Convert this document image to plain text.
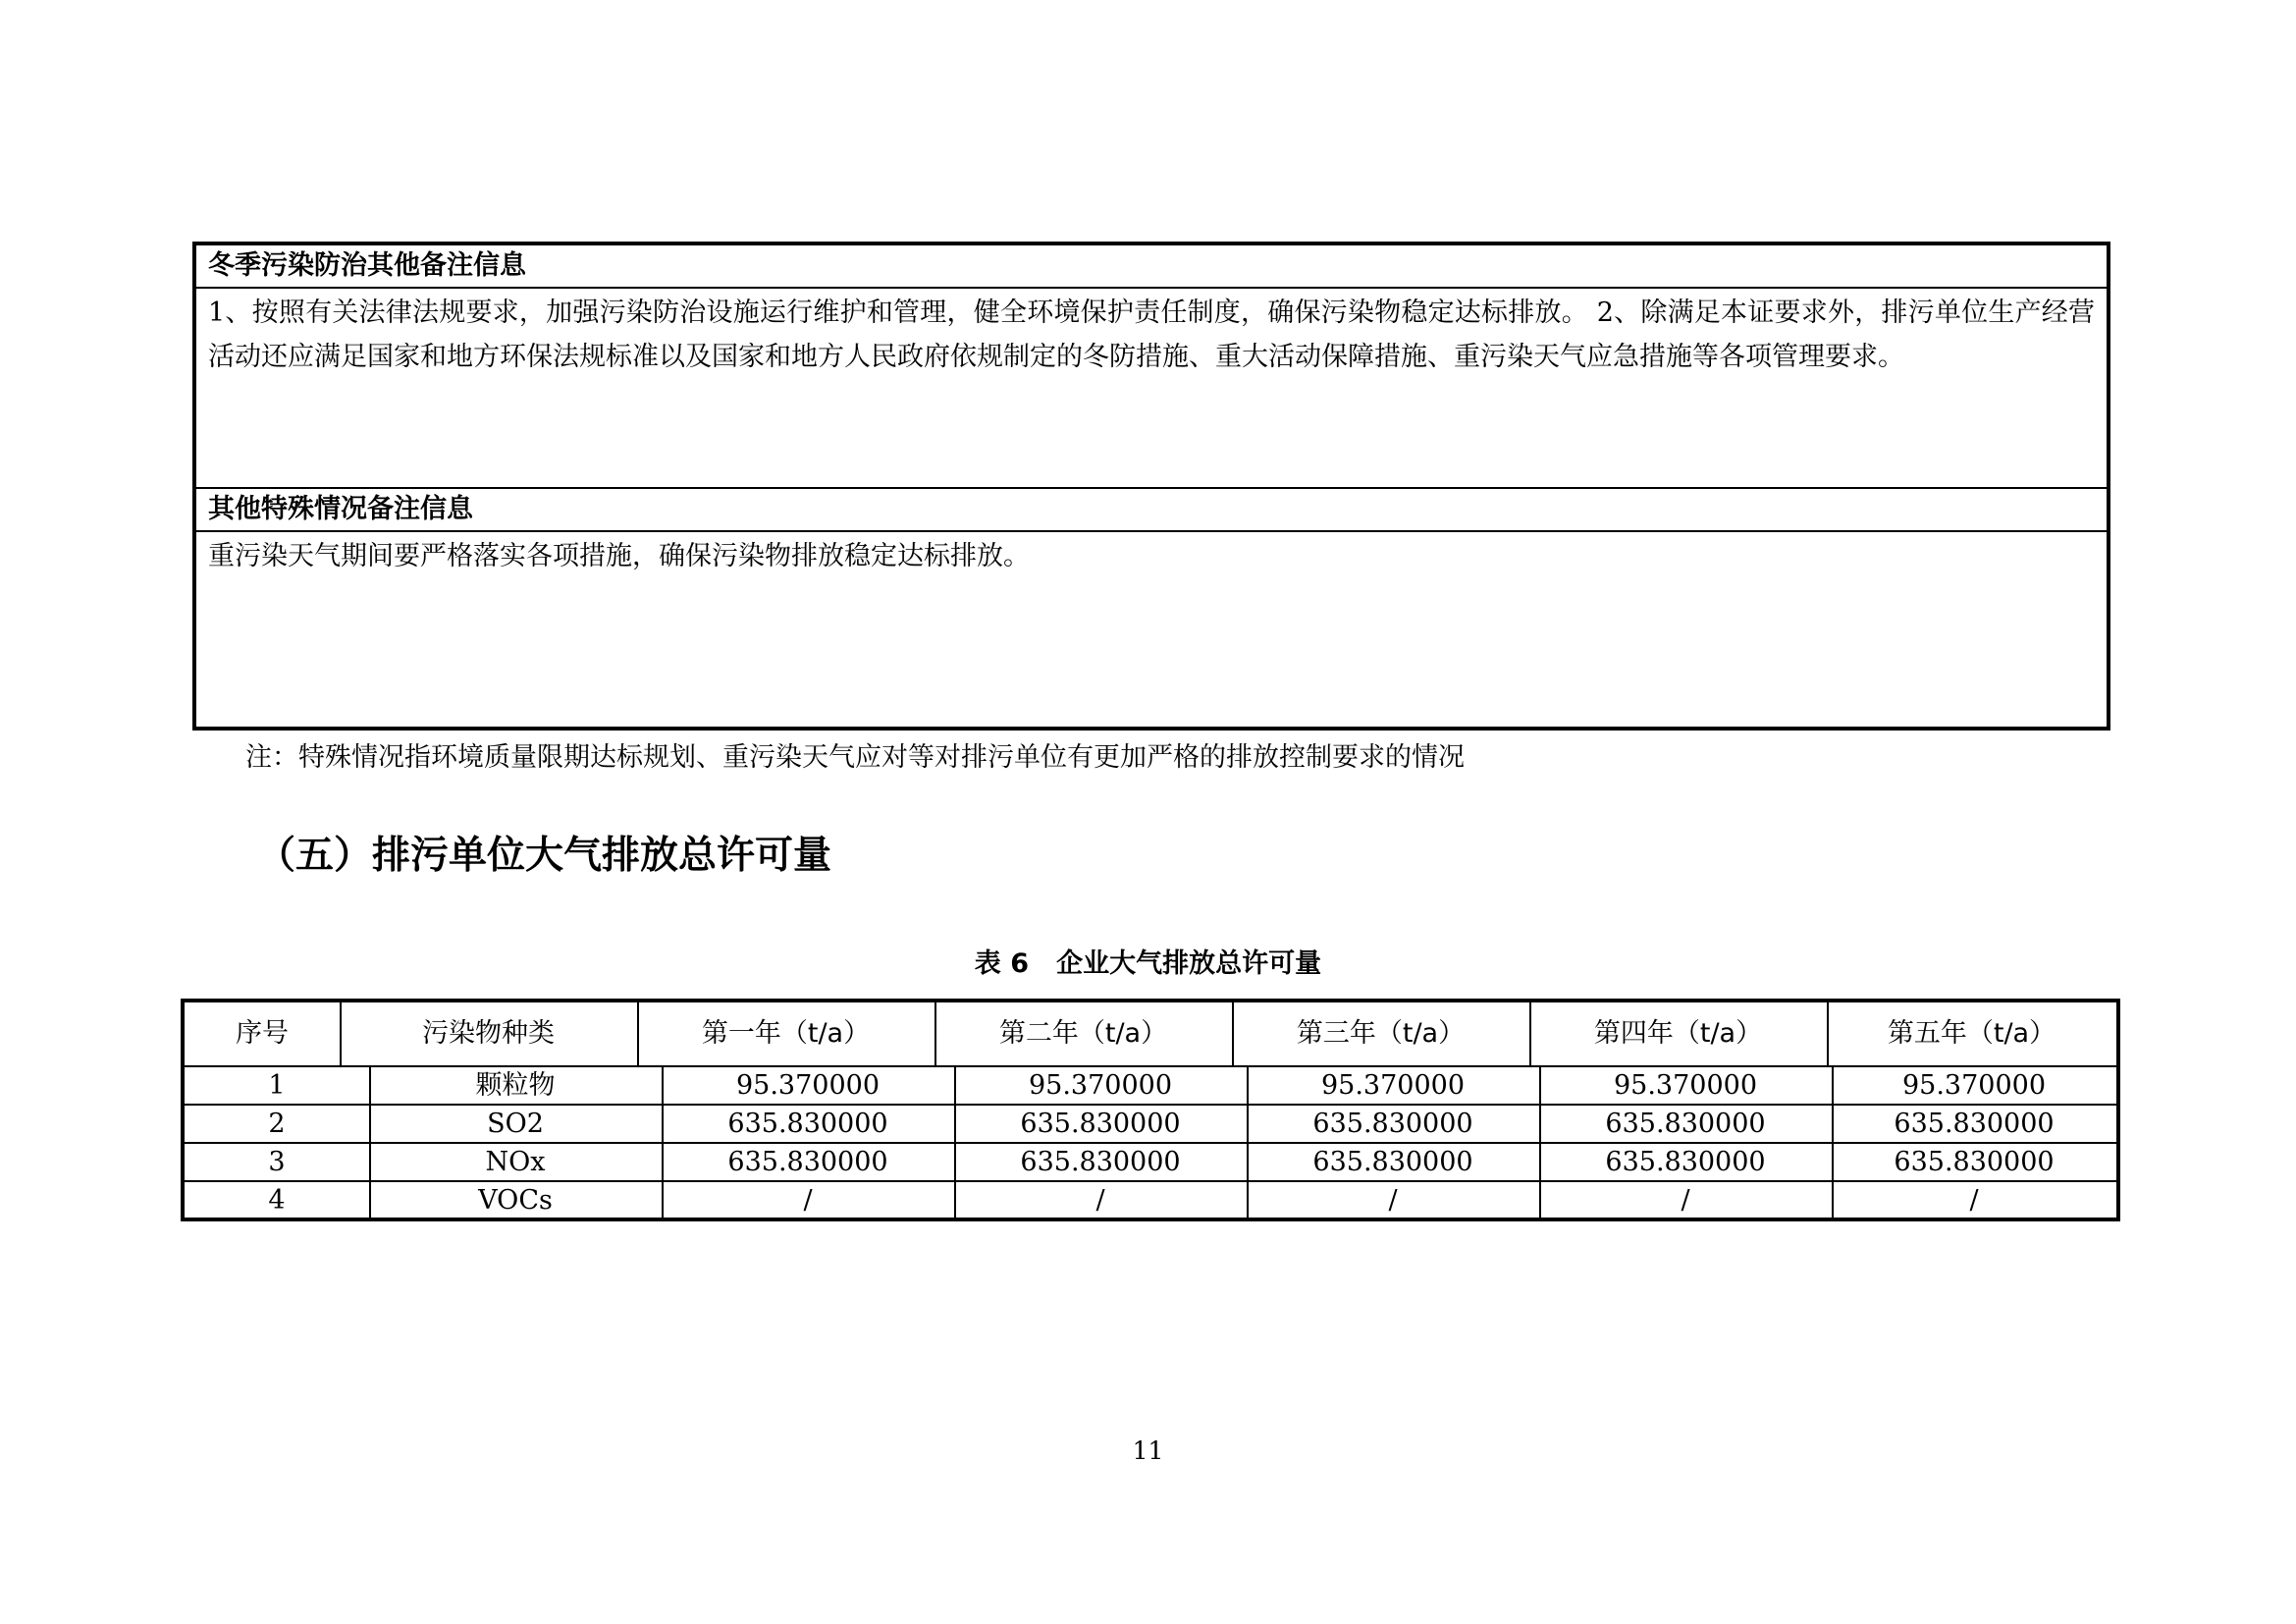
冬季污染防治其他备注信息
1、按照有关法律法规要求，加强污染防治设施运行维护和管理，健全环境保护责任制度，确保污染物稳定达标排放。 2、除满足本证要求外，排污单位生产经营活动还应满足国家和地方环保法规标准以及国家和地方人民政府依规制定的冬防措施、重大活动保障措施、重污染天气应急措施等各项管理要求。
其他特殊情况备注信息
重污染天气期间要严格落实各项措施，确保污染物排放稳定达标排放。
注：特殊情况指环境质量限期达标规划、重污染天气应对等对排污单位有更加严格的排放控制要求的情况
（五）排污单位大气排放总许可量
表 6   企业大气排放总许可量
序号	污染物种类	第一年（t/a）	第二年（t/a）	第三年（t/a）	第四年（t/a）	第五年（t/a）
1	颗粒物	95.370000	95.370000	95.370000	95.370000	95.370000
2	SO2	635.830000	635.830000	635.830000	635.830000	635.830000
3	NOx	635.830000	635.830000	635.830000	635.830000	635.830000
4	VOCs	/	/	/	/	/
11
